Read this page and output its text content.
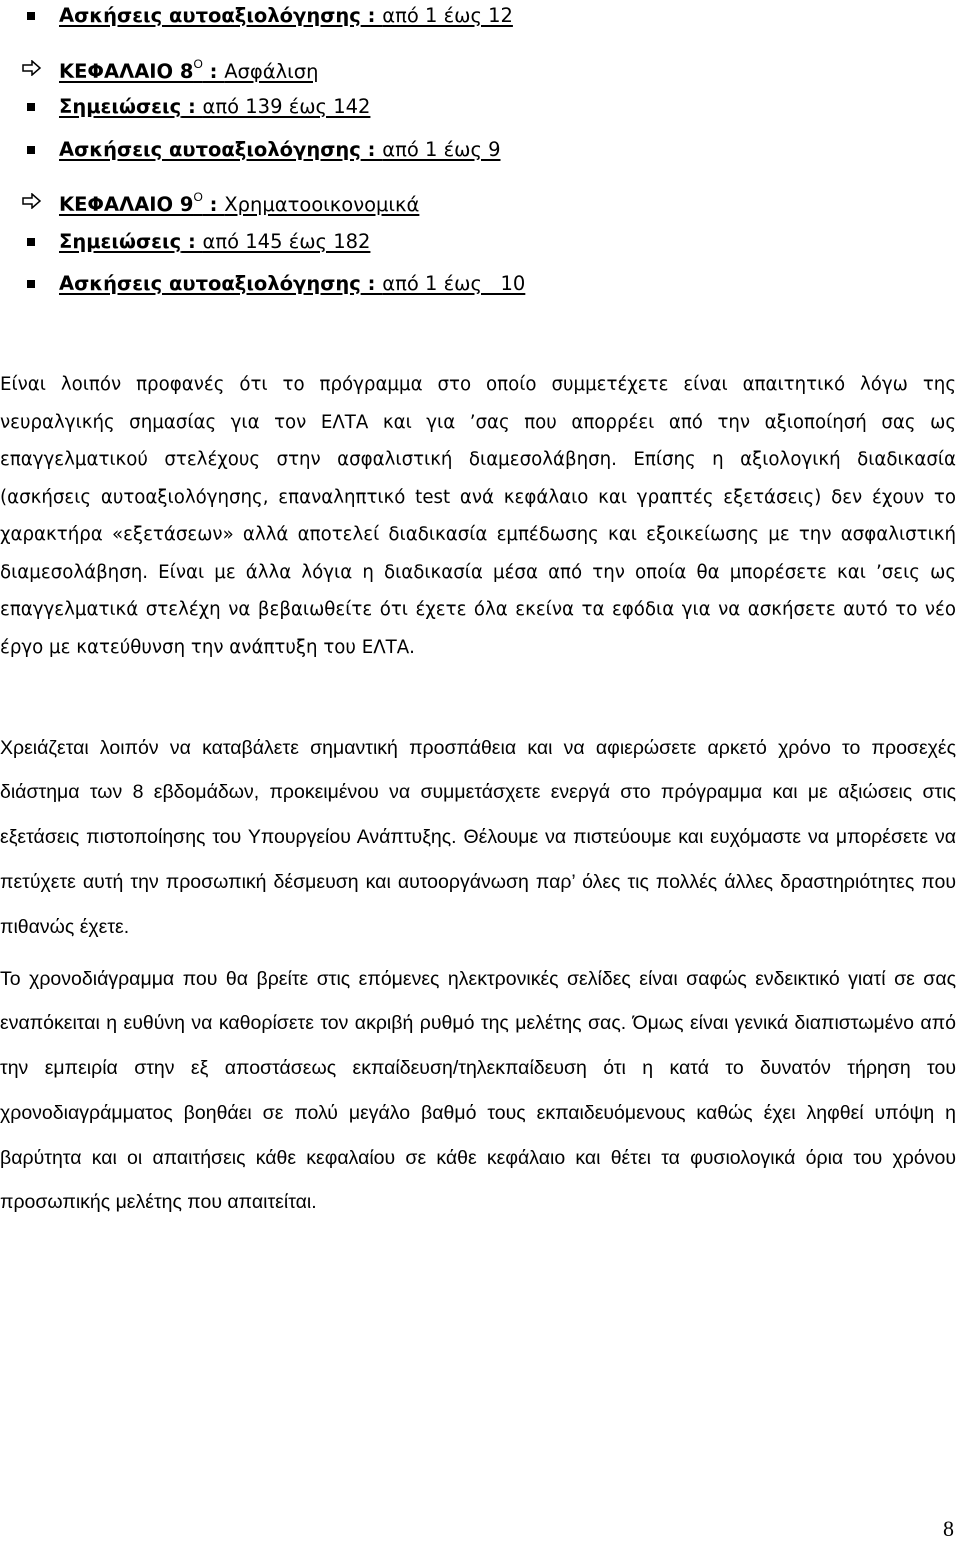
Ασκήσεις αυτοαξιολόγησης : από 1 έως 12
ΚΕΦΑΛΑΙΟ $8^O$ : Ασφάλιση
Σημειώσεις : από 139 έως 142
Ασκήσεις αυτοαξιολόγησης : από 1 έως 9
ΚΕΦΑΛΑΙΟ $9^O$ : Χρηματοοικονομικά
Σημειώσεις : από 145 έως 182
Ασκήσεις αυτοαξιολόγησης : από 1 έως   10

Είναι λοιπόν προφανές ότι το πρόγραμμα στο οποίο συμμετέχετε είναι απαιτητικό λόγω της νευραλγικής σημασίας για τον ΕΛΤΑ και για ’σας που απορρέει από την αξιοποίησή σας ως επαγγελματικού στελέχους στην ασφαλιστική διαμεσολάβηση. Επίσης η αξιολογική διαδικασία (ασκήσεις αυτοαξιολόγησης, επαναληπτικό test ανά κεφάλαιο και γραπτές εξετάσεις) δεν έχουν το χαρακτήρα «εξετάσεων» αλλά αποτελεί διαδικασία εμπέδωσης και εξοικείωσης με την ασφαλιστική διαμεσολάβηση. Είναι με άλλα λόγια η διαδικασία μέσα από την οποία θα μπορέσετε και ’σεις ως επαγγελματικά στελέχη να βεβαιωθείτε ότι έχετε όλα εκείνα τα εφόδια για να ασκήσετε αυτό το νέο έργο με κατεύθυνση την ανάπτυξη του ΕΛΤΑ.

Χρειάζεται λοιπόν να καταβάλετε σημαντική προσπάθεια και να αφιερώσετε αρκετό χρόνο το προσεχές διάστημα των 8 εβδομάδων, προκειμένου να συμμετάσχετε ενεργά στο πρόγραμμα και με αξιώσεις στις εξετάσεις πιστοποίησης του Υπουργείου Ανάπτυξης. Θέλουμε να πιστεύουμε και ευχόμαστε να μπορέσετε να πετύχετε αυτή την προσωπική δέσμευση και αυτοοργάνωση παρ’ όλες τις πολλές άλλες δραστηριότητες που πιθανώς έχετε.

Το χρονοδιάγραμμα που θα βρείτε στις επόμενες ηλεκτρονικές σελίδες είναι σαφώς ενδεικτικό γιατί σε σας εναπόκειται η ευθύνη να καθορίσετε τον ακριβή ρυθμό της μελέτης σας. Όμως είναι γενικά διαπιστωμένο από την εμπειρία στην εξ αποστάσεως εκπαίδευση/τηλεκπαίδευση ότι η κατά το δυνατόν τήρηση του χρονοδιαγράμματος βοηθάει σε πολύ μεγάλο βαθμό τους εκπαιδευόμενους καθώς έχει ληφθεί υπόψη η βαρύτητα και οι απαιτήσεις κάθε κεφαλαίου σε κάθε κεφάλαιο και θέτει τα φυσιολογικά όρια του χρόνου προσωπικής μελέτης που απαιτείται.

8
